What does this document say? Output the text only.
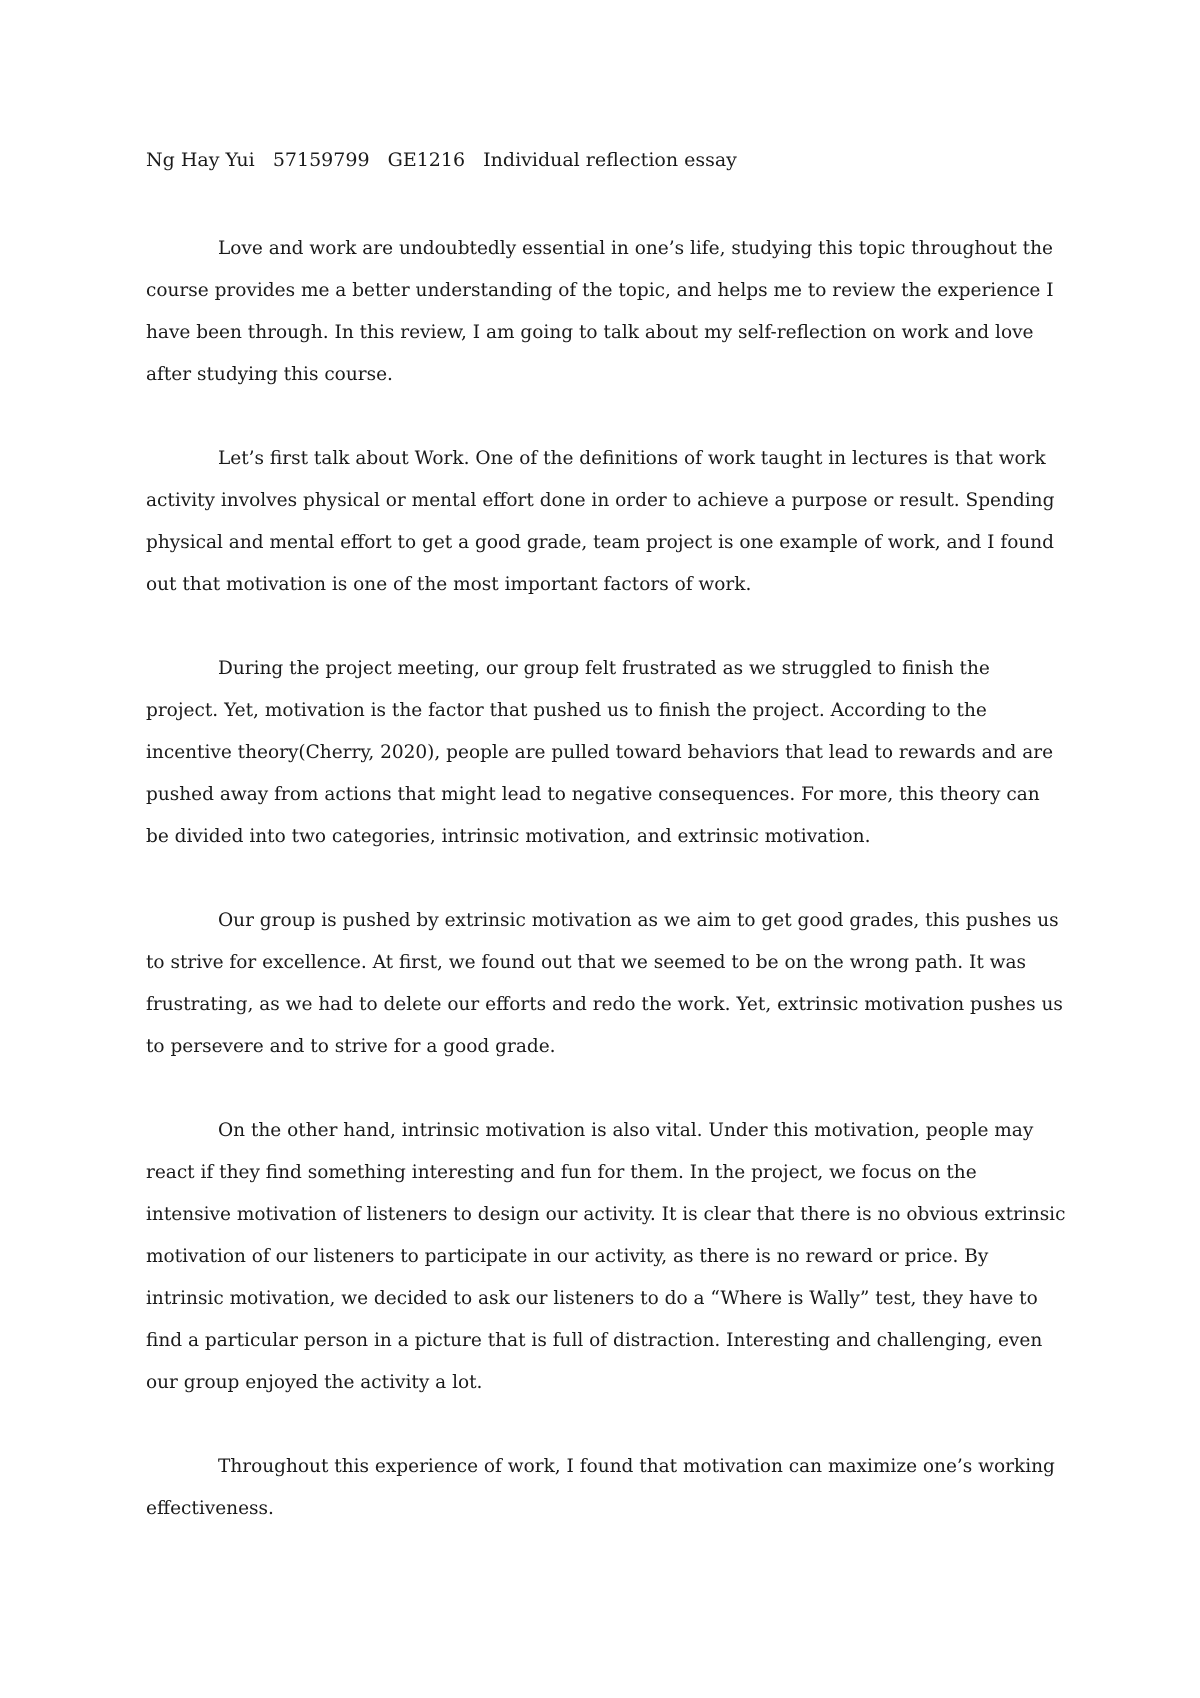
Ng Hay Yui   57159799   GE1216   Individual reflection essay

Love and work are undoubtedly essential in one’s life, studying this topic throughout the course provides me a better understanding of the topic, and helps me to review the experience I have been through. In this review, I am going to talk about my self-reflection on work and love after studying this course.

Let’s first talk about Work. One of the definitions of work taught in lectures is that work activity involves physical or mental effort done in order to achieve a purpose or result. Spending physical and mental effort to get a good grade, team project is one example of work, and I found out that motivation is one of the most important factors of work.

During the project meeting, our group felt frustrated as we struggled to finish the project. Yet, motivation is the factor that pushed us to finish the project. According to the incentive theory(Cherry, 2020), people are pulled toward behaviors that lead to rewards and are pushed away from actions that might lead to negative consequences. For more, this theory can be divided into two categories, intrinsic motivation, and extrinsic motivation.

Our group is pushed by extrinsic motivation as we aim to get good grades, this pushes us to strive for excellence. At first, we found out that we seemed to be on the wrong path. It was frustrating, as we had to delete our efforts and redo the work. Yet, extrinsic motivation pushes us to persevere and to strive for a good grade.

On the other hand, intrinsic motivation is also vital. Under this motivation, people may react if they find something interesting and fun for them. In the project, we focus on the intensive motivation of listeners to design our activity. It is clear that there is no obvious extrinsic motivation of our listeners to participate in our activity, as there is no reward or price. By intrinsic motivation, we decided to ask our listeners to do a “Where is Wally” test, they have to find a particular person in a picture that is full of distraction. Interesting and challenging, even our group enjoyed the activity a lot.

Throughout this experience of work, I found that motivation can maximize one’s working effectiveness.
